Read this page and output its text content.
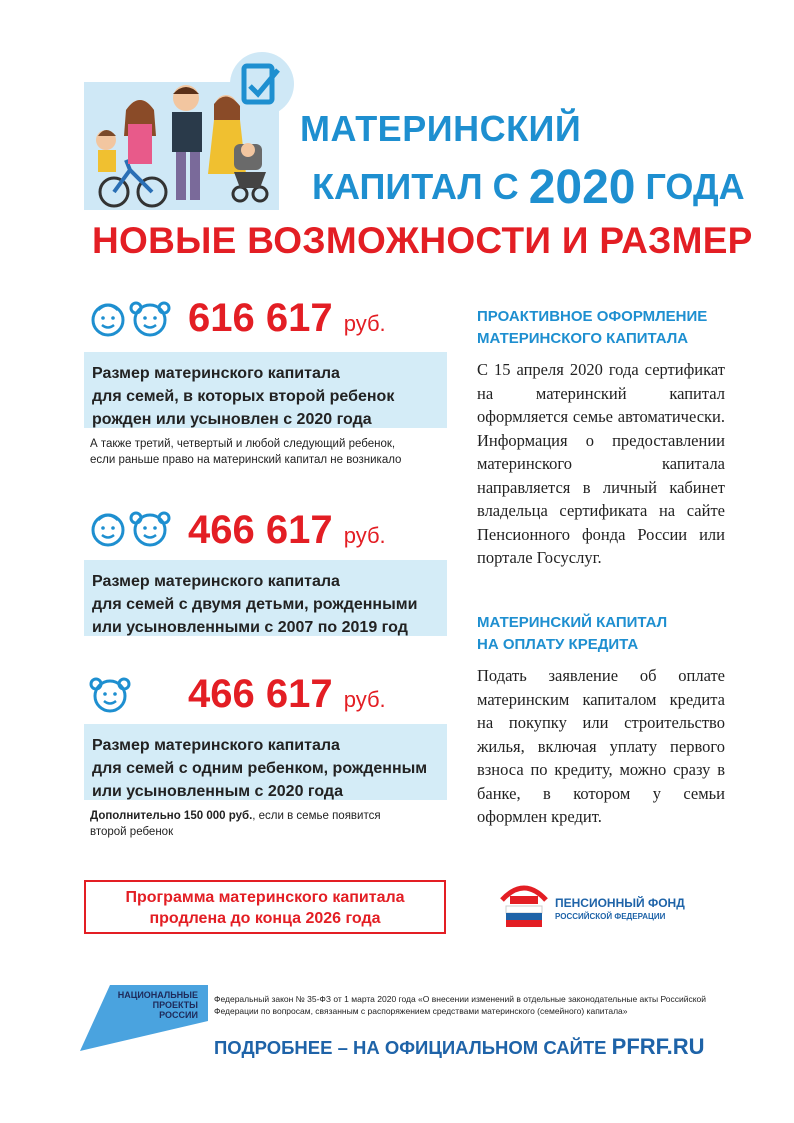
МАТЕРИНСКИЙ
КАПИТАЛ С 2020 ГОДА
НОВЫЕ ВОЗМОЖНОСТИ И РАЗМЕР
616 617 руб.
Размер материнского капитала
для семей, в которых второй ребенок
рожден или усыновлен с 2020 года
А также третий, четвертый и любой следующий ребенок,
если раньше право на материнский капитал не возникало
466 617 руб.
Размер материнского капитала
для семей с двумя детьми, рожденными
или усыновленными с 2007 по 2019 год
466 617 руб.
Размер материнского капитала
для семей с одним ребенком, рожденным
или усыновленным с 2020 года
Дополнительно 150 000 руб., если в семье появится
второй ребенок
ПРОАКТИВНОЕ ОФОРМЛЕНИЕ
МАТЕРИНСКОГО КАПИТАЛА
С 15 апреля 2020 года сертификат на материнский капитал оформляется семье автоматически. Информация о предоставлении материнского капитала направляется в личный кабинет владельца сертификата на сайте Пенсионного фонда России или портале Госуслуг.
МАТЕРИНСКИЙ КАПИТАЛ
НА ОПЛАТУ КРЕДИТА
Подать заявление об оплате материнским капиталом кредита на покупку или строительство жилья, включая уплату первого взноса по кредиту, можно сразу в банке, в котором у семьи оформлен кредит.
Программа материнского капитала
продлена до конца 2026 года
ПЕНСИОННЫЙ ФОНД
РОССИЙСКОЙ ФЕДЕРАЦИИ
НАЦИОНАЛЬНЫЕ
ПРОЕКТЫ
РОССИИ
Федеральный закон № 35-ФЗ от 1 марта 2020 года «О внесении изменений в отдельные законодательные акты Российской Федерации по вопросам, связанным с распоряжением средствами материнского (семейного) капитала»
ПОДРОБНЕЕ – НА ОФИЦИАЛЬНОМ САЙТЕ PFRF.RU
